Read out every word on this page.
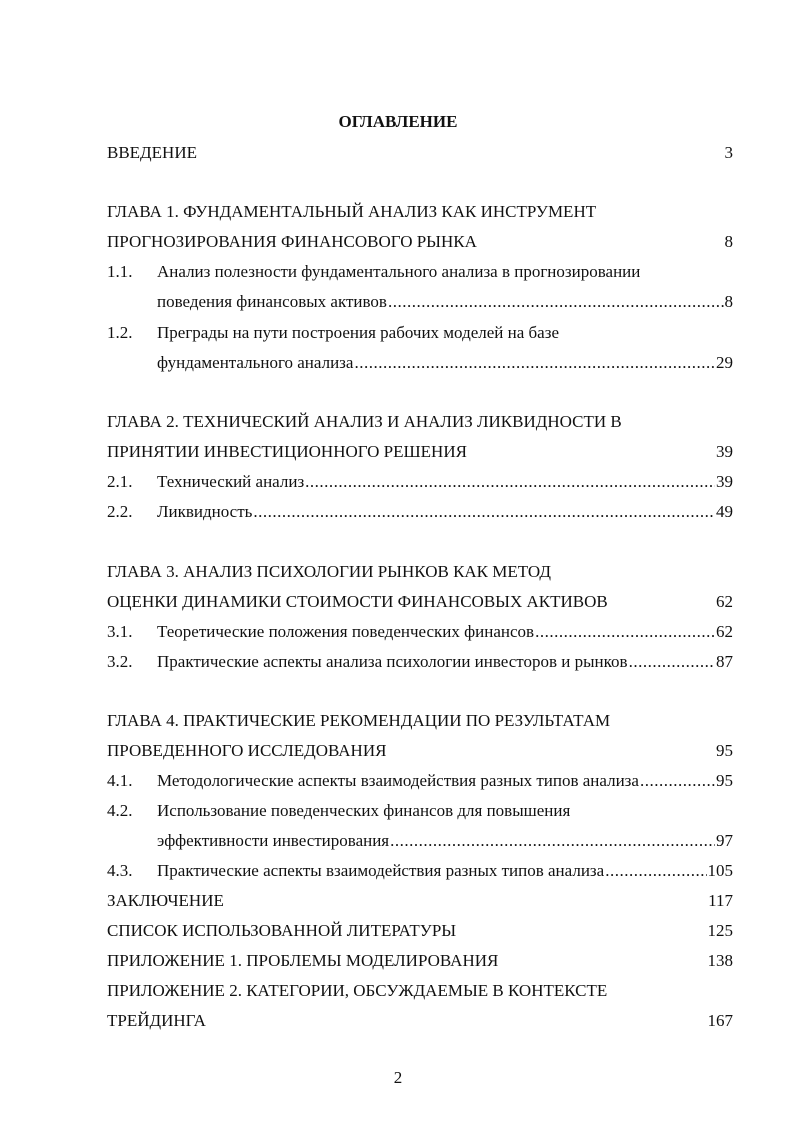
ОГЛАВЛЕНИЕ
ВВЕДЕНИЕ	3
ГЛАВА 1. ФУНДАМЕНТАЛЬНЫЙ АНАЛИЗ КАК ИНСТРУМЕНТ
ПРОГНОЗИРОВАНИЯ ФИНАНСОВОГО РЫНКА	8
1.1.	Анализ полезности фундаментального анализа в прогнозировании
поведения финансовых активов .....	8
1.2.	Преграды на пути построения рабочих моделей на базе
фундаментального анализа .....	29
ГЛАВА 2. ТЕХНИЧЕСКИЙ АНАЛИЗ И АНАЛИЗ ЛИКВИДНОСТИ В
ПРИНЯТИИ ИНВЕСТИЦИОННОГО РЕШЕНИЯ	39
2.1.	Технический анализ .....	39
2.2.	Ликвидность .....	49
ГЛАВА 3. АНАЛИЗ ПСИХОЛОГИИ РЫНКОВ КАК МЕТОД
ОЦЕНКИ ДИНАМИКИ СТОИМОСТИ ФИНАНСОВЫХ АКТИВОВ	62
3.1.	Теоретические положения поведенческих финансов .....	62
3.2.	Практические аспекты анализа психологии инвесторов и рынков .....	87
ГЛАВА 4. ПРАКТИЧЕСКИЕ РЕКОМЕНДАЦИИ ПО РЕЗУЛЬТАТАМ
ПРОВЕДЕННОГО ИССЛЕДОВАНИЯ	95
4.1.	Методологические аспекты взаимодействия разных типов анализа .....	95
4.2.	Использование поведенческих финансов для повышения
эффективности инвестирования .....	97
4.3.	Практические аспекты взаимодействия разных типов анализа .....	105
ЗАКЛЮЧЕНИЕ	117
СПИСОК ИСПОЛЬЗОВАННОЙ ЛИТЕРАТУРЫ	125
ПРИЛОЖЕНИЕ 1. ПРОБЛЕМЫ МОДЕЛИРОВАНИЯ	138
ПРИЛОЖЕНИЕ 2. КАТЕГОРИИ, ОБСУЖДАЕМЫЕ В КОНТЕКСТЕ
ТРЕЙДИНГА	167
2
